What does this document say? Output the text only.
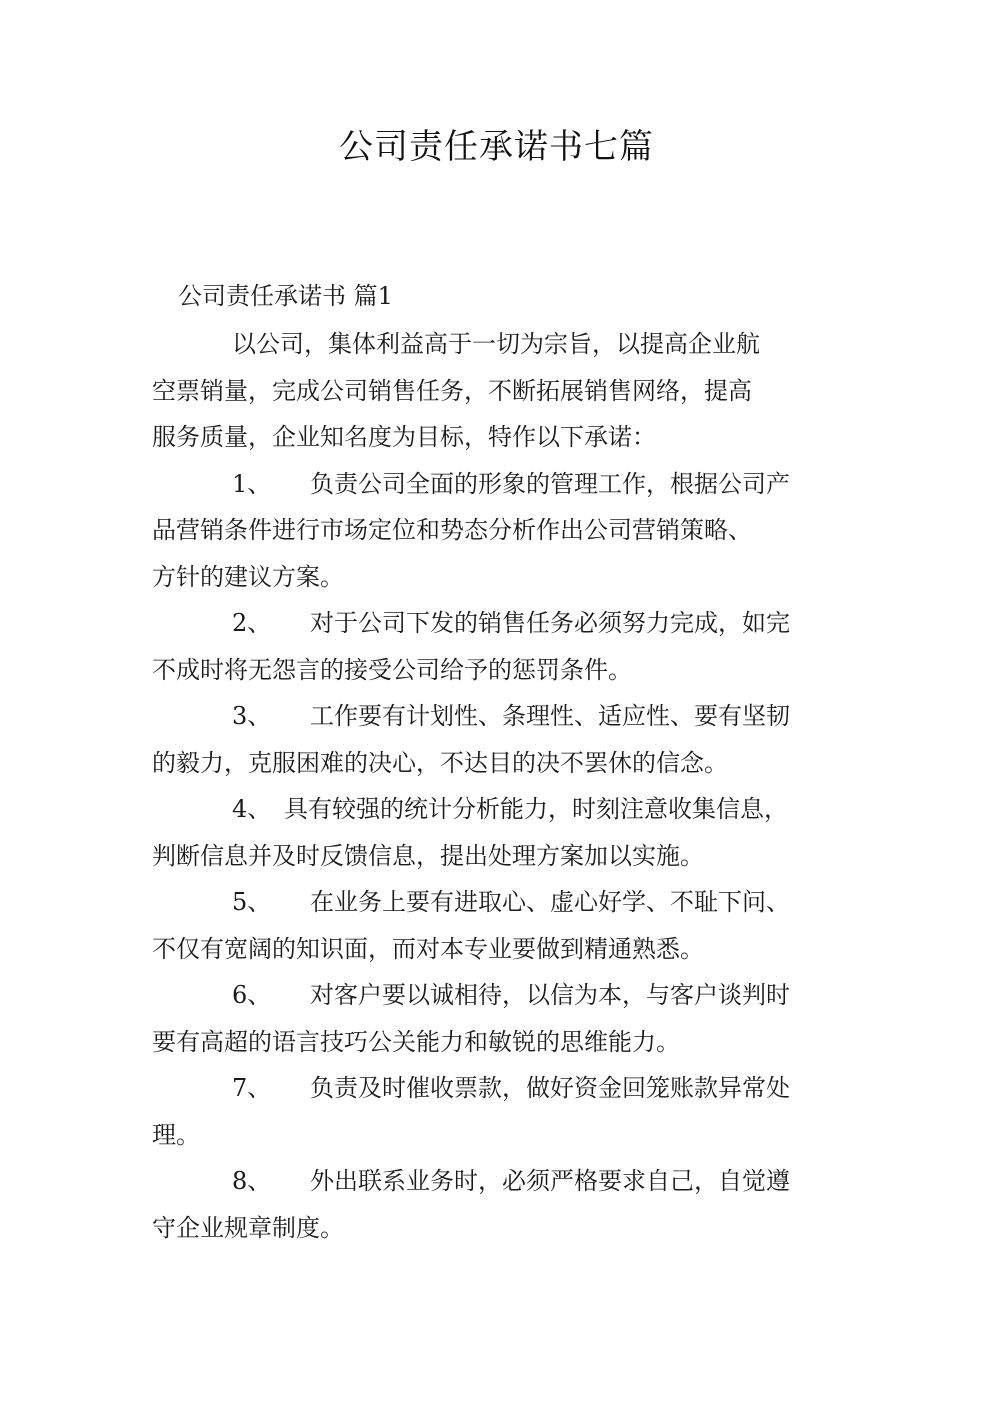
公司责任承诺书七篇
公司责任承诺书 篇1

以公司，集体利益高于一切为宗旨，以提高企业航
空票销量，完成公司销售任务，不断拓展销售网络，提高
服务质量，企业知名度为目标，特作以下承诺：

1、 负责公司全面的形象的管理工作，根据公司产
品营销条件进行市场定位和势态分析作出公司营销策略、
方针的建议方案。

2、 对于公司下发的销售任务必须努力完成，如完
不成时将无怨言的接受公司给予的惩罚条件。

3、 工作要有计划性、条理性、适应性、要有坚韧
的毅力，克服困难的决心，不达目的决不罢休的信念。

4、 具有较强的统计分析能力，时刻注意收集信息，
判断信息并及时反馈信息，提出处理方案加以实施。

5、 在业务上要有进取心、虚心好学、不耻下问、
不仅有宽阔的知识面，而对本专业要做到精通熟悉。

6、 对客户要以诚相待，以信为本，与客户谈判时
要有高超的语言技巧公关能力和敏锐的思维能力。

7、 负责及时催收票款，做好资金回笼账款异常处
理。

8、 外出联系业务时，必须严格要求自己，自觉遵
守企业规章制度。
